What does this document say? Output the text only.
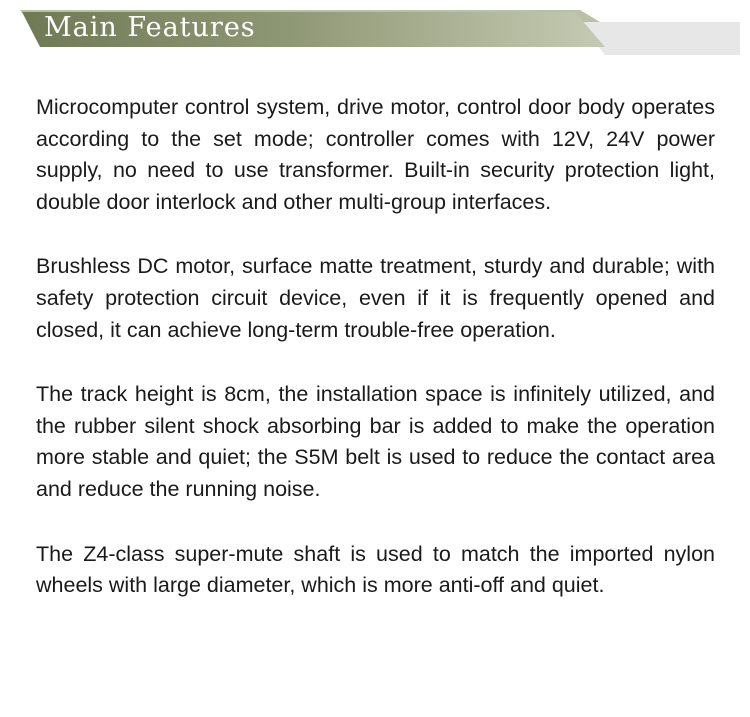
Main Features

Microcomputer control system, drive motor, control door body operates according to the set mode; controller comes with 12V, 24V power supply, no need to use transformer. Built-in security protection light, double door interlock and other multi-group interfaces.

Brushless DC motor, surface matte treatment, sturdy and durable; with safety protection circuit device, even if it is frequently opened and closed, it can achieve long-term trouble-free operation.

The track height is 8cm, the installation space is infinitely utilized, and the rubber silent shock absorbing bar is added to make the operation more stable and quiet; the S5M belt is used to reduce the contact area and reduce the running noise.

The Z4-class super-mute shaft is used to match the imported nylon wheels with large diameter, which is more anti-off and quiet.
